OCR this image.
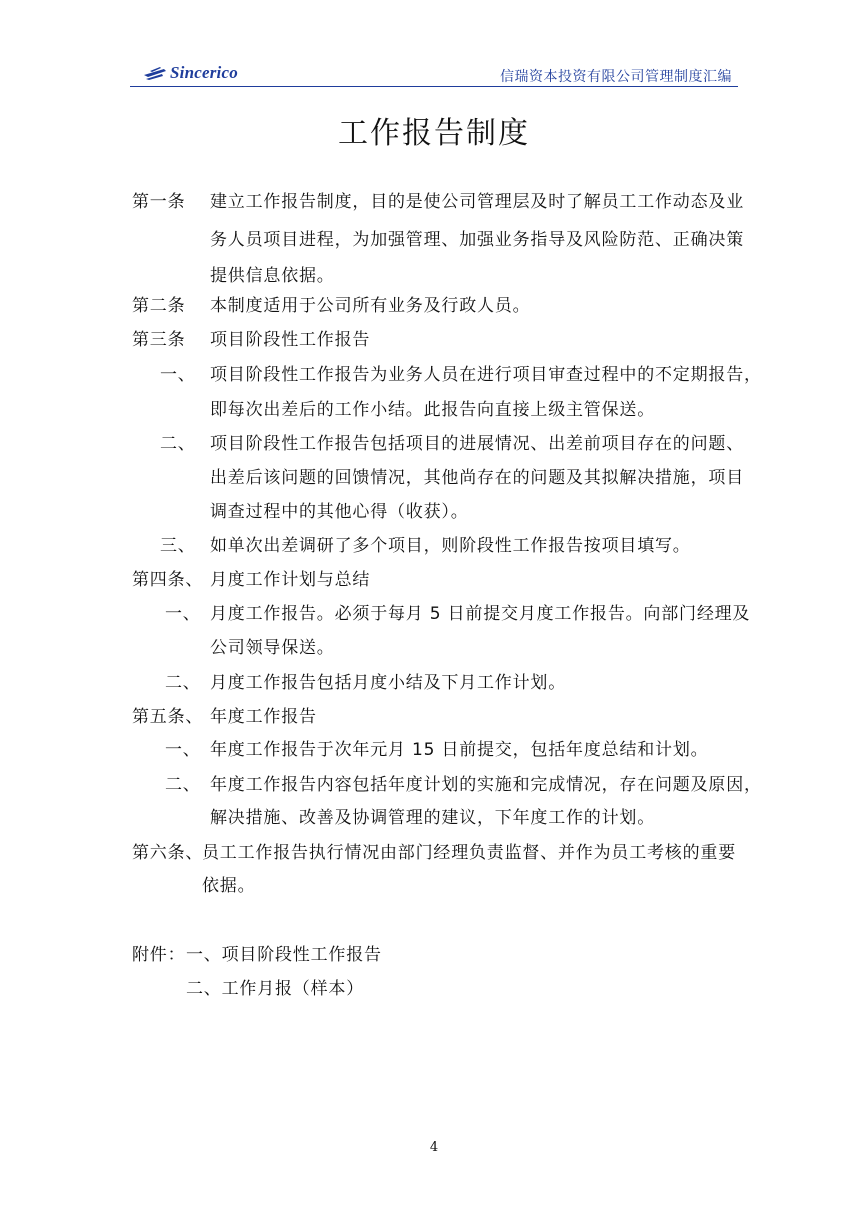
Sincerico	信瑞资本投资有限公司管理制度汇编
工作报告制度
第一条 建立工作报告制度，目的是使公司管理层及时了解员工工作动态及业
务人员项目进程，为加强管理、加强业务指导及风险防范、正确决策
提供信息依据。
第二条 本制度适用于公司所有业务及行政人员。
第三条 项目阶段性工作报告
一、 项目阶段性工作报告为业务人员在进行项目审查过程中的不定期报告，
即每次出差后的工作小结。此报告向直接上级主管保送。
二、 项目阶段性工作报告包括项目的进展情况、出差前项目存在的问题、
出差后该问题的回馈情况，其他尚存在的问题及其拟解决措施，项目
调查过程中的其他心得（收获）。
三、 如单次出差调研了多个项目，则阶段性工作报告按项目填写。
第四条、 月度工作计划与总结
一、 月度工作报告。必须于每月 5 日前提交月度工作报告。向部门经理及
公司领导保送。
二、 月度工作报告包括月度小结及下月工作计划。
第五条、 年度工作报告
一、 年度工作报告于次年元月 15 日前提交，包括年度总结和计划。
二、 年度工作报告内容包括年度计划的实施和完成情况，存在问题及原因，
解决措施、改善及协调管理的建议，下年度工作的计划。
第六条、
员工工作报告执行情况由部门经理负责监督、并作为员工考核的重要
依据。
附件： 一、项目阶段性工作报告
二、工作月报（样本）
4
